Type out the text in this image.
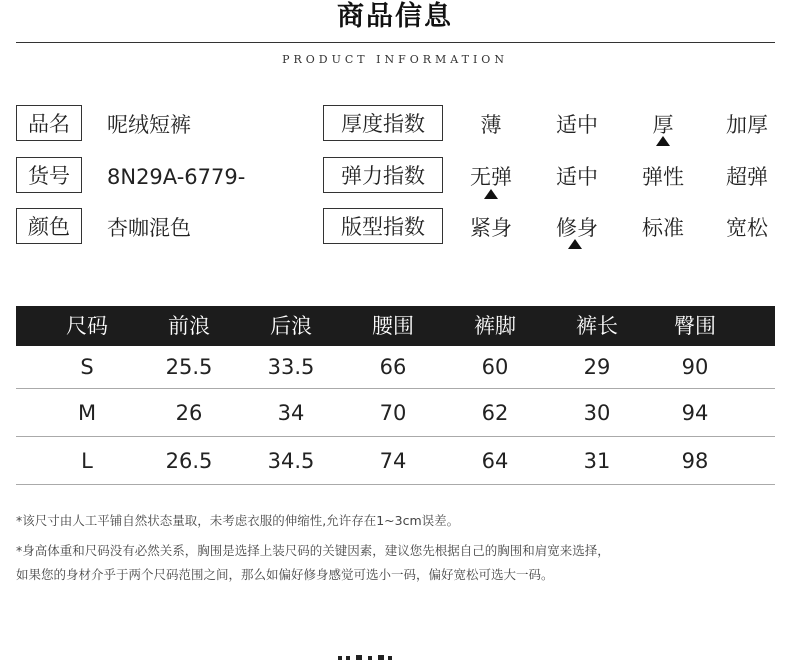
商品信息
PRODUCT INFORMATION
品名	呢绒短裤
货号	8N29A-6779-
颜色	杏咖混色
厚度指数	薄	适中	厚	加厚
弹力指数	无弹	适中	弹性	超弹
版型指数	紧身	修身	标准	宽松
尺码	前浪	后浪	腰围	裤脚	裤长	臀围
S	25.5	33.5	66	60	29	90
M	26	34	70	62	30	94
L	26.5	34.5	74	64	31	98
*该尺寸由人工平铺自然状态量取，未考虑衣服的伸缩性,允许存在1~3cm误差。
*身高体重和尺码没有必然关系，胸围是选择上装尺码的关键因素，建议您先根据自己的胸围和肩宽来选择，
如果您的身材介乎于两个尺码范围之间，那么如偏好修身感觉可选小一码，偏好宽松可选大一码。
